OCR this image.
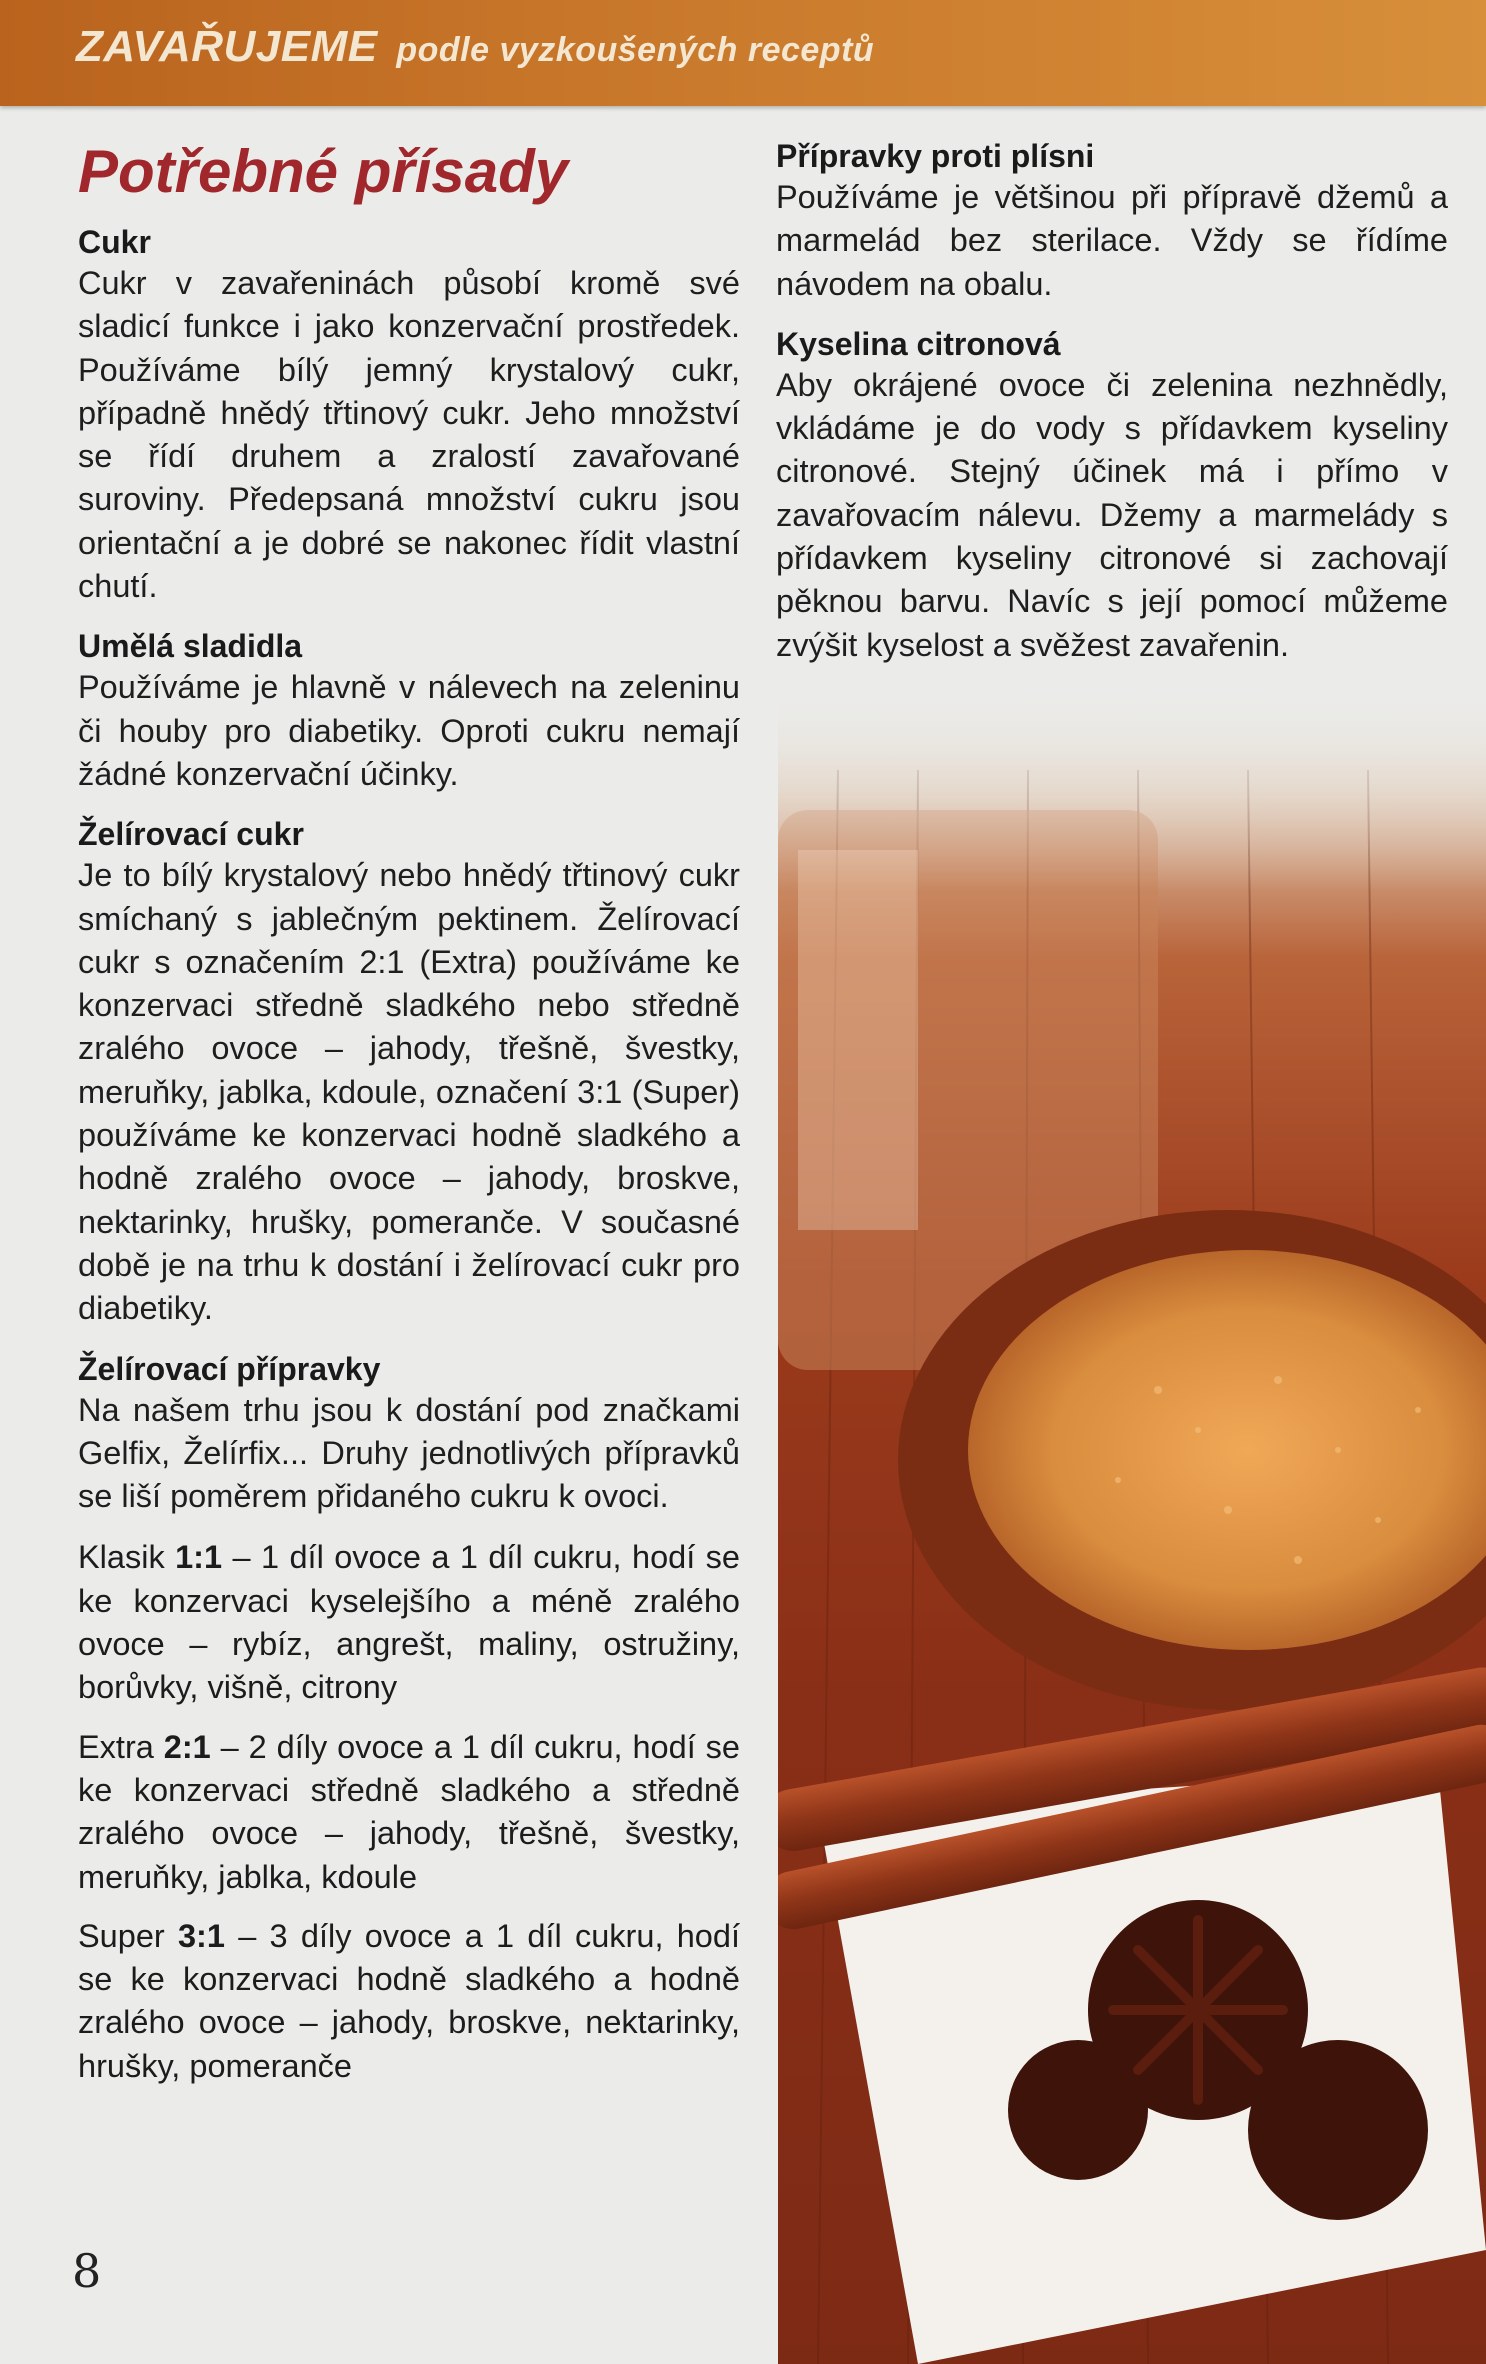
ZAVAŘUJEME podle vyzkoušených receptů
Potřebné přísady
Cukr

Cukr v zavařeninách působí kromě své sladicí funkce i jako konzervační prostředek. Používáme bílý jemný krystalový cukr, případně hnědý třtinový cukr. Jeho množství se řídí druhem a zralostí zavařované suroviny. Předepsaná množství cukru jsou orientační a je dobré se nakonec řídit vlastní chutí.

Umělá sladidla

Používáme je hlavně v nálevech na zeleninu či houby pro diabetiky. Oproti cukru nemají žádné konzervační účinky.

Želírovací cukr

Je to bílý krystalový nebo hnědý třtinový cukr smíchaný s jablečným pektinem. Želírovací cukr s označením 2:1 (Extra) používáme ke konzervaci středně sladkého nebo středně zralého ovoce – jahody, třešně, švestky, meruňky, jablka, kdoule, označení 3:1 (Super) používáme ke konzervaci hodně sladkého a hodně zralého ovoce – jahody, broskve, nektarinky, hrušky, pomeranče. V současné době je na trhu k dostání i želírovací cukr pro diabetiky.

Želírovací přípravky

Na našem trhu jsou k dostání pod značkami Gelfix, Želírfix... Druhy jednotlivých přípravků se liší poměrem přidaného cukru k ovoci.

Klasik 1:1 – 1 díl ovoce a 1 díl cukru, hodí se ke konzervaci kyselejšího a méně zralého ovoce – rybíz, angrešt, maliny, ostružiny, borůvky, višně, citrony

Extra 2:1 – 2 díly ovoce a 1 díl cukru, hodí se ke konzervaci středně sladkého a středně zralého ovoce – jahody, třešně, švestky, meruňky, jablka, kdoule

Super 3:1 – 3 díly ovoce a 1 díl cukru, hodí se ke konzervaci hodně sladkého a hodně zralého ovoce – jahody, broskve, nektarinky, hrušky, pomeranče

Přípravky proti plísni

Používáme je většinou při přípravě džemů a marmelád bez sterilace. Vždy se řídíme návodem na obalu.

Kyselina citronová

Aby okrájené ovoce či zelenina nezhnědly, vkládáme je do vody s přídavkem kyseliny citronové. Stejný účinek má i přímo v zavařovacím nálevu. Džemy a marmelády s přídavkem kyseliny citronové si zachovají pěknou barvu. Navíc s její pomocí můžeme zvýšit kyselost a svěžest zavařenin.

8
